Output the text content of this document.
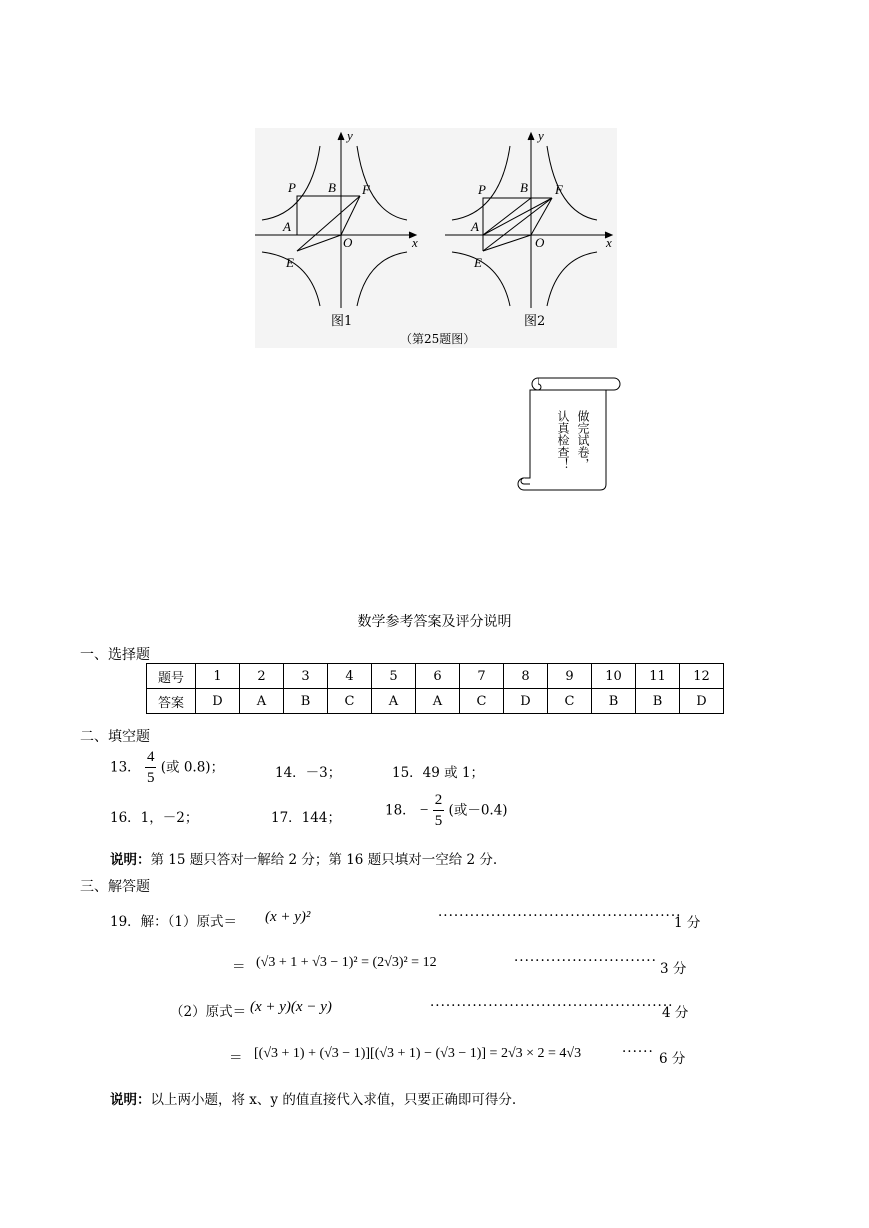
y
x
P B F
A
O
E
图1
y
x
P	B F
A
O
E
图2
（第25题图）
做完试卷，
认真检查！
数学参考答案及评分说明
一、选择题
题号	1	2	3	4	5	6	7	8	9	10	11	12
答案	D	A	B	C	A	A	C	D	C	B	B	D
二、填空题
13． $\frac{4}{5}$ (或 0.8)；	14．－3；	15．49 或 1；
16．1，－2；	17．144；	18． − $\frac{2}{5}$ (或－0.4)
说明：第 15 题只答对一解给 2 分；第 16 题只填对一空给 2 分.
三、解答题
19．解：（1）原式＝ (x + y)²	··············································
1 分
＝ (√3 + 1 + √3 − 1)² = (2√3)² = 12	··························· 3 分
（2）原式＝ (x + y)(x − y)	··············································
4 分
＝ [(√3 + 1) + (√3 − 1)][(√3 + 1) − (√3 − 1)] = 2√3 × 2 = 4√3	······ 6 分
说明：以上两小题，将 x、y 的值直接代入求值，只要正确即可得分.
